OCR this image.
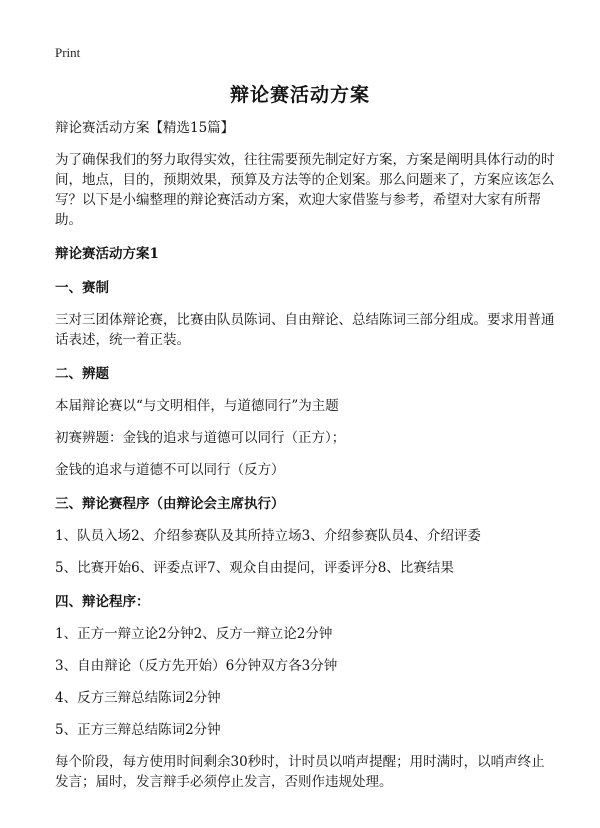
Print
辩论赛活动方案

辩论赛活动方案【精选15篇】

为了确保我们的努力取得实效，往往需要预先制定好方案，方案是阐明具体行动的时间，地点，目的，预期效果，预算及方法等的企划案。那么问题来了，方案应该怎么写？以下是小编整理的辩论赛活动方案，欢迎大家借鉴与参考，希望对大家有所帮助。

辩论赛活动方案1

一、赛制

三对三团体辩论赛，比赛由队员陈词、自由辩论、总结陈词三部分组成。要求用普通话表述，统一着正装。

二、辨题

本届辩论赛以“与文明相伴，与道德同行”为主题

初赛辨题：金钱的追求与道德可以同行（正方）；

金钱的追求与道德不可以同行（反方）

三、辩论赛程序（由辩论会主席执行）

1、队员入场2、介绍参赛队及其所持立场3、介绍参赛队员4、介绍评委

5、比赛开始6、评委点评7、观众自由提问，评委评分8、比赛结果

四、辩论程序：

1、正方一辩立论2分钟2、反方一辩立论2分钟

3、自由辩论（反方先开始）6分钟双方各3分钟

4、反方三辩总结陈词2分钟

5、正方三辩总结陈词2分钟

每个阶段，每方使用时间剩余30秒时，计时员以哨声提醒；用时满时，以哨声终止发言；届时，发言辩手必须停止发言，否则作违规处理。
